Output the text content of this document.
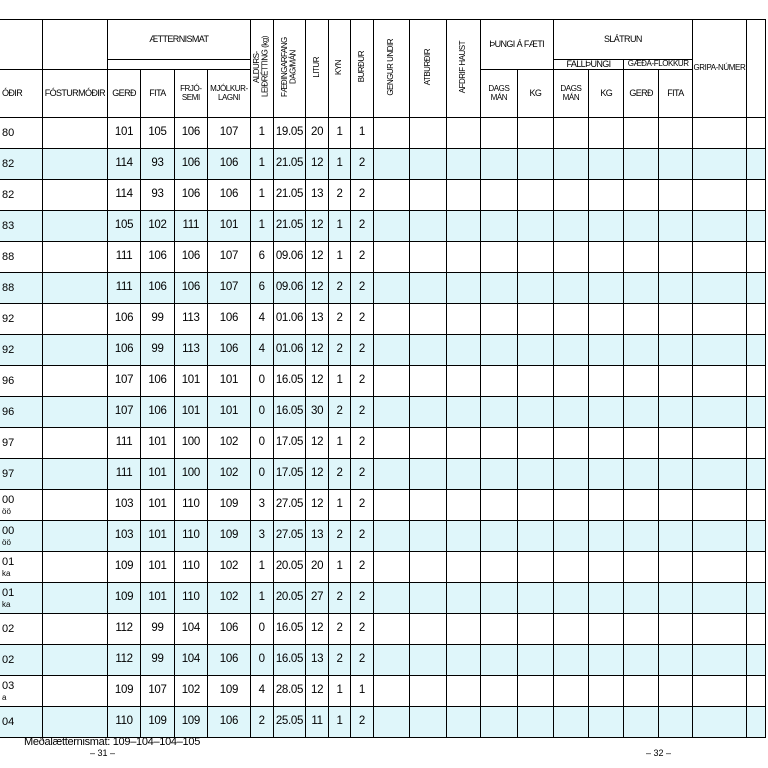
		ÆTTERNISMAT				ALDURS-LEIÐRÉTTING (kg)	FÆÐINGARFANG DAG/MÁN	LITUR	KYN	BURÐUR	GENGUR UNDIR	ATBURÐIR	AFDRIF HAUST	ÞUNGI Á FÆTI		SLÁTRUN				GRIPA-NÚMER	
																FALLÞUNGI		GÆÐA-FLOKKUR			
ÓÐIR	FÓSTURMÓÐIR	GERÐ	FITA	FRJÓ-SEMI	MJÓLKUR-LAGNI									DAGS MÁN	KG	DAGS MÁN	KG	GERÐ	FITA		
80		101	105	106	107	1	19.05	20	1	1											
82		114	93	106	106	1	21.05	12	1	2											
82		114	93	106	106	1	21.05	13	2	2											
83		105	102	111	101	1	21.05	12	1	2											
88		111	106	106	107	6	09.06	12	1	2											
88		111	106	106	107	6	09.06	12	2	2											
92		106	99	113	106	4	01.06	13	2	2											
92		106	99	113	106	4	01.06	12	2	2											
96		107	106	101	101	0	16.05	12	1	2											
96		107	106	101	101	0	16.05	30	2	2											
97		111	101	100	102	0	17.05	12	1	2											
97		111	101	100	102	0	17.05	12	2	2											
00
öö		103	101	110	109	3	27.05	12	1	2											
00
öö		103	101	110	109	3	27.05	13	2	2											
01
ka		109	101	110	102	1	20.05	20	1	2											
01
ka		109	101	110	102	1	20.05	27	2	2											
02		112	99	104	106	0	16.05	12	2	2											
02		112	99	104	106	0	16.05	13	2	2											
03
a		109	107	102	109	4	28.05	12	1	1											
04		110	109	109	106	2	25.05	11	1	2											
Meðalætternismat: 109–104–104–105
– 31 –	– 32 –
